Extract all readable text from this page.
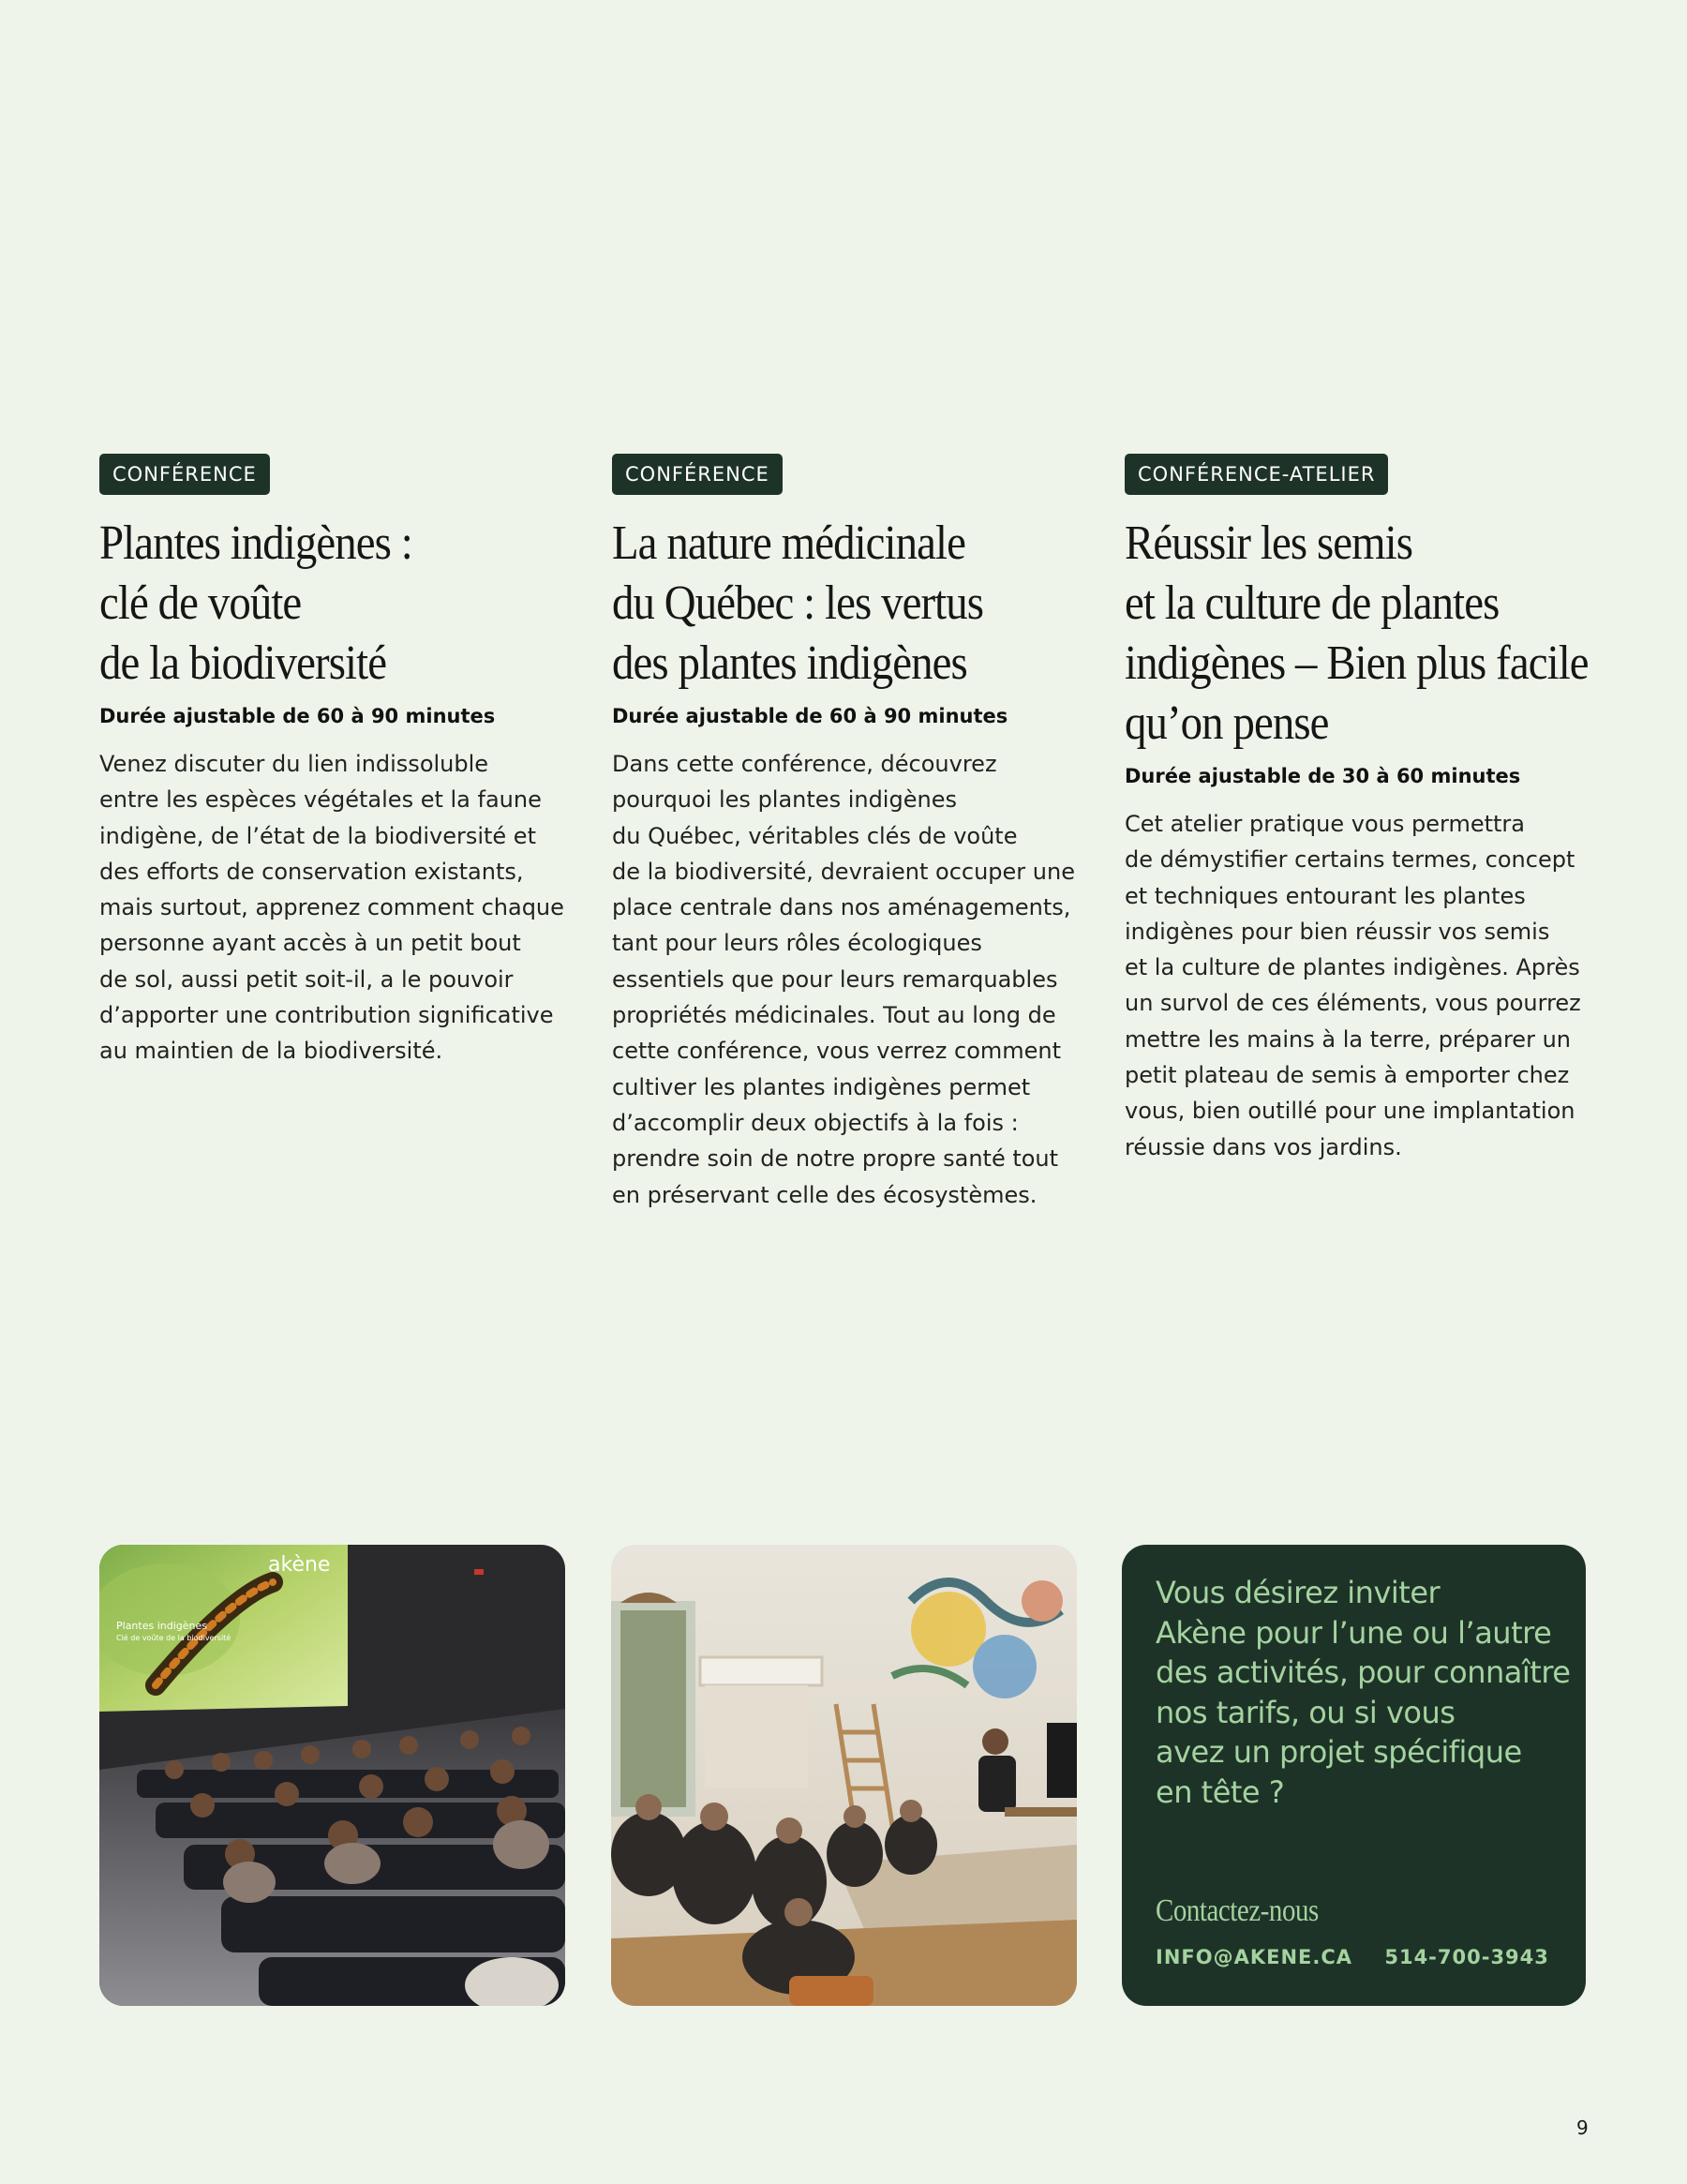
CONFÉRENCE
Plantes indigènes :
clé de voûte
de la biodiversité
Durée ajustable de 60 à 90 minutes
Venez discuter du lien indissoluble
entre les espèces végétales et la faune
indigène, de l’état de la biodiversité et
des efforts de conservation existants,
mais surtout, apprenez comment chaque
personne ayant accès à un petit bout
de sol, aussi petit soit-il, a le pouvoir
d’apporter une contribution significative
au maintien de la biodiversité.
CONFÉRENCE
La nature médicinale
du Québec : les vertus
des plantes indigènes
Durée ajustable de 60 à 90 minutes
Dans cette conférence, découvrez
pourquoi les plantes indigènes
du Québec, véritables clés de voûte
de la biodiversité, devraient occuper une
place centrale dans nos aménagements,
tant pour leurs rôles écologiques
essentiels que pour leurs remarquables
propriétés médicinales. Tout au long de
cette conférence, vous verrez comment
cultiver les plantes indigènes permet
d’accomplir deux objectifs à la fois :
prendre soin de notre propre santé tout
en préservant celle des écosystèmes.
CONFÉRENCE-ATELIER
Réussir les semis
et la culture de plantes
indigènes – Bien plus facile
qu’on pense
Durée ajustable de 30 à 60 minutes
Cet atelier pratique vous permettra
de démystifier certains termes, concept
et techniques entourant les plantes
indigènes pour bien réussir vos semis
et la culture de plantes indigènes. Après
un survol de ces éléments, vous pourrez
mettre les mains à la terre, préparer un
petit plateau de semis à emporter chez
vous, bien outillé pour une implantation
réussie dans vos jardins.
akène
Plantes indigènes
Clé de voûte de la biodiversité
Vous désirez inviter
Akène pour l’une ou l’autre
des activités, pour connaître
nos tarifs, ou si vous
avez un projet spécifique
en tête ?
Contactez-nous
INFO@AKENE.CA 514-700-3943
9
